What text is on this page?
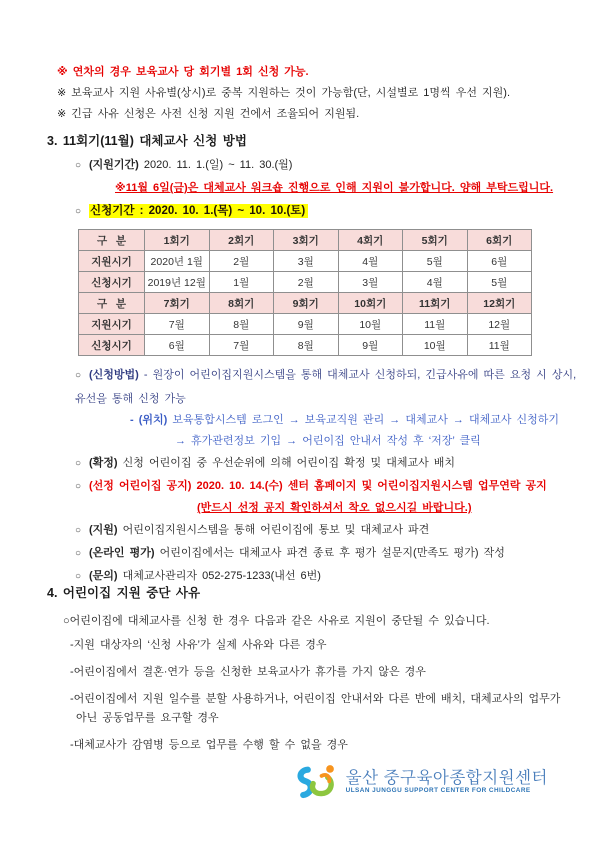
※ 연차의 경우 보육교사 당 회기별 1회 신청 가능.
※ 보육교사 지원 사유별(상시)로 중복 지원하는 것이 가능함(단, 시설별로 1명씩 우선 지원).
※ 긴급 사유 신청은 사전 신청 지원 건에서 조율되어 지원됨.
3. 11회기(11월) 대체교사 신청 방법
○ (지원기간) 2020. 11. 1.(일) ~ 11. 30.(월)
※11월 6일(금)은 대체교사 워크숍 진행으로 인해 지원이 불가합니다. 양해 부탁드립니다.
○ 신청기간 : 2020. 10. 1.(목) ~ 10. 10.(토)
구   분	1회기	2회기	3회기	4회기	5회기	6회기
지원시기	2020년 1월	2월	3월	4월	5월	6월
신청시기	2019년 12월	1월	2월	3월	4월	5월
구   분	7회기	8회기	9회기	10회기	11회기	12회기
지원시기	7월	8월	9월	10월	11월	12월
신청시기	6월	7월	8월	9월	10월	11월
○ (신청방법) - 원장이 어린이집지원시스템을 통해 대체교사 신청하되, 긴급사유에 따른 요청 시 상시,
유선을 통해 신청 가능
- (위치) 보육통합시스템 로그인 → 보육교직원 관리 → 대체교사 → 대체교사 신청하기
→ 휴가관련정보 기입 → 어린이집 안내서 작성 후 ‘저장’ 클릭
○ (확정) 신청 어린이집 중 우선순위에 의해 어린이집 확정 및 대체교사 배치
○ (선정 어린이집 공지) 2020. 10. 14.(수) 센터 홈페이지 및 어린이집지원시스템 업무연락 공지
(반드시 선정 공지 확인하셔서 착오 없으시길 바랍니다.)
○ (지원) 어린이집지원시스템을 통해 어린이집에 통보 및 대체교사 파견
○ (온라인 평가) 어린이집에서는 대체교사 파견 종료 후 평가 설문지(만족도 평가) 작성
○ (문의) 대체교사관리자 052-275-1233(내선 6번)
4. 어린이집 지원 중단 사유
○어린이집에 대체교사를 신청 한 경우 다음과 같은 사유로 지원이 중단될 수 있습니다.
-지원 대상자의 ‘신청 사유’가 실제 사유와 다른 경우
-어린이집에서 결혼·연가 등을 신청한 보육교사가 휴가를 가지 않은 경우
-어린이집에서 지원 일수를 분할 사용하거나, 어린이집 안내서와 다른 반에 배치, 대체교사의 업무가 아닌 공동업무를 요구할 경우
-대체교사가 감염병 등으로 업무를 수행 할 수 없을 경우
울산 중구육아종합지원센터
ULSAN JUNGGU SUPPORT CENTER FOR CHILDCARE
